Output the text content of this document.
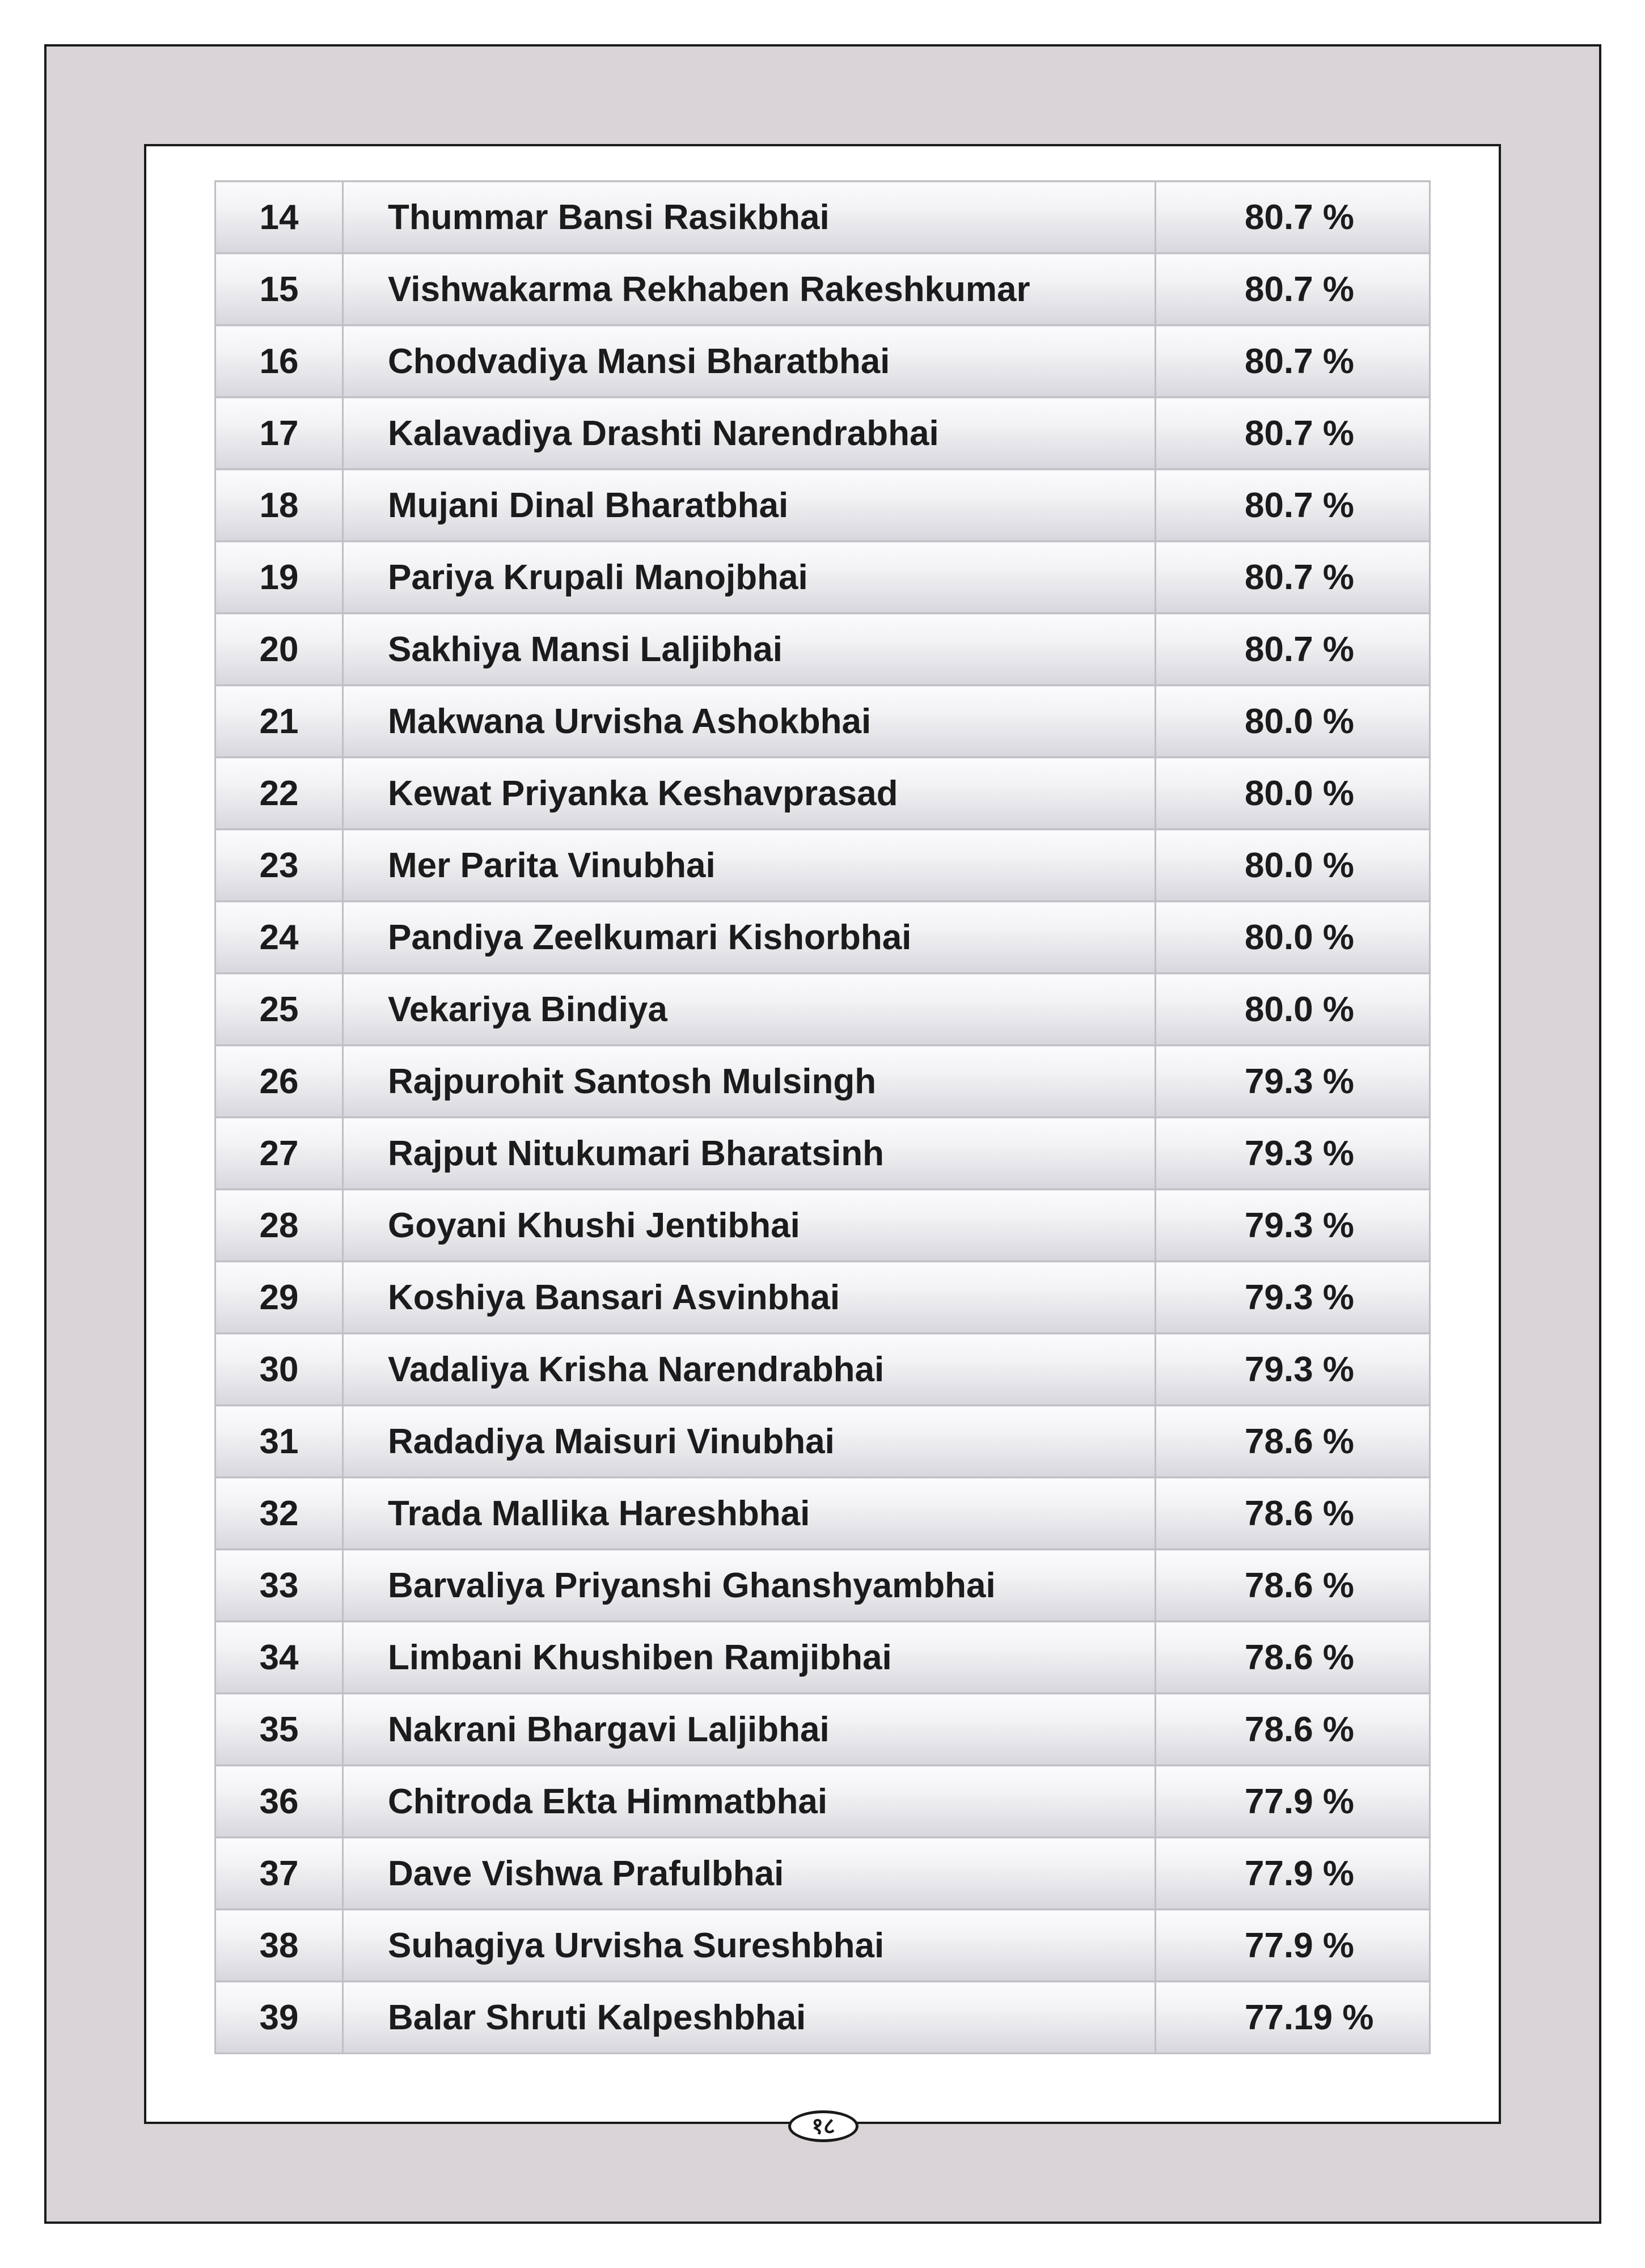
14	Thummar Bansi Rasikbhai	80.7 %
15	Vishwakarma Rekhaben Rakeshkumar	80.7 %
16	Chodvadiya Mansi Bharatbhai	80.7 %
17	Kalavadiya Drashti Narendrabhai	80.7 %
18	Mujani Dinal Bharatbhai	80.7 %
19	Pariya Krupali Manojbhai	80.7 %
20	Sakhiya Mansi Laljibhai	80.7 %
21	Makwana Urvisha Ashokbhai	80.0 %
22	Kewat Priyanka Keshavprasad	80.0 %
23	Mer Parita Vinubhai	80.0 %
24	Pandiya Zeelkumari Kishorbhai	80.0 %
25	Vekariya Bindiya	80.0 %
26	Rajpurohit Santosh Mulsingh	79.3 %
27	Rajput Nitukumari Bharatsinh	79.3 %
28	Goyani Khushi Jentibhai	79.3 %
29	Koshiya Bansari Asvinbhai	79.3 %
30	Vadaliya Krisha Narendrabhai	79.3 %
31	Radadiya Maisuri Vinubhai	78.6 %
32	Trada Mallika Hareshbhai	78.6 %
33	Barvaliya Priyanshi Ghanshyambhai	78.6 %
34	Limbani Khushiben Ramjibhai	78.6 %
35	Nakrani Bhargavi Laljibhai	78.6 %
36	Chitroda Ekta Himmatbhai	77.9 %
37	Dave Vishwa Prafulbhai	77.9 %
38	Suhagiya Urvisha Sureshbhai	77.9 %
39	Balar Shruti Kalpeshbhai	77.19 %
१८
